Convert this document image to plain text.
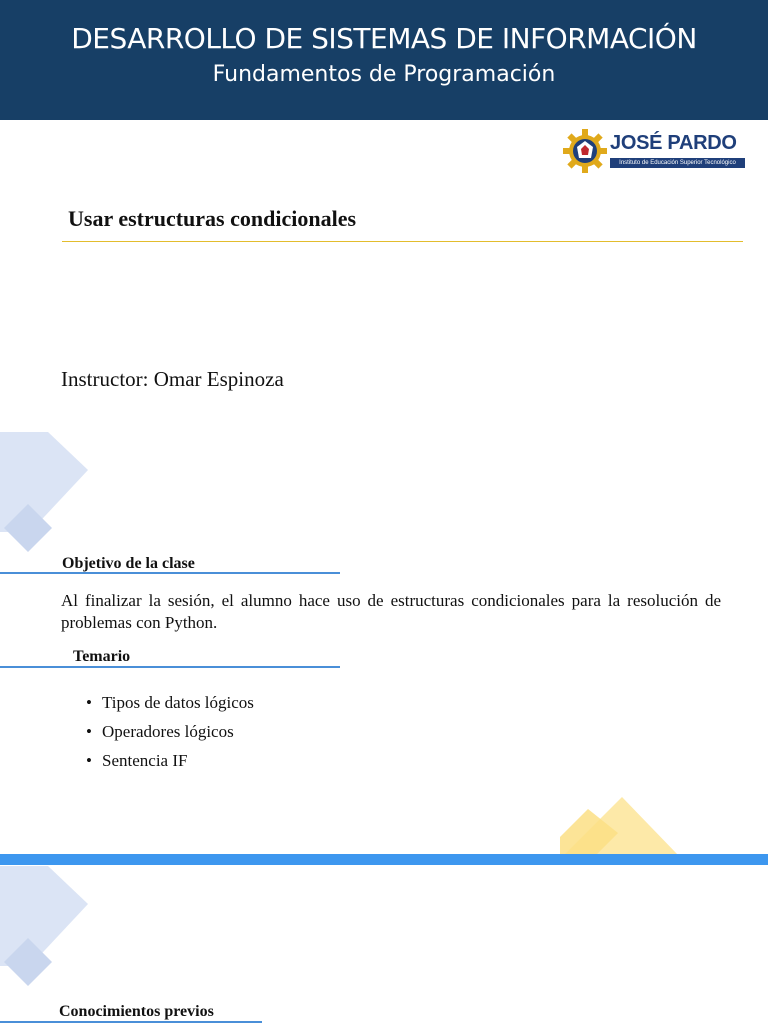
DESARROLLO DE SISTEMAS DE INFORMACIÓN
Fundamentos de Programación
JOSÉ PARDO
Instituto de Educación Superior Tecnológico
Usar estructuras condicionales
Instructor: Omar Espinoza
Objetivo de la clase
Al finalizar la sesión, el alumno hace uso de estructuras condicionales para la resolución de problemas con Python.
Temario
• Tipos de datos lógicos
• Operadores lógicos
• Sentencia IF
Conocimientos previos
